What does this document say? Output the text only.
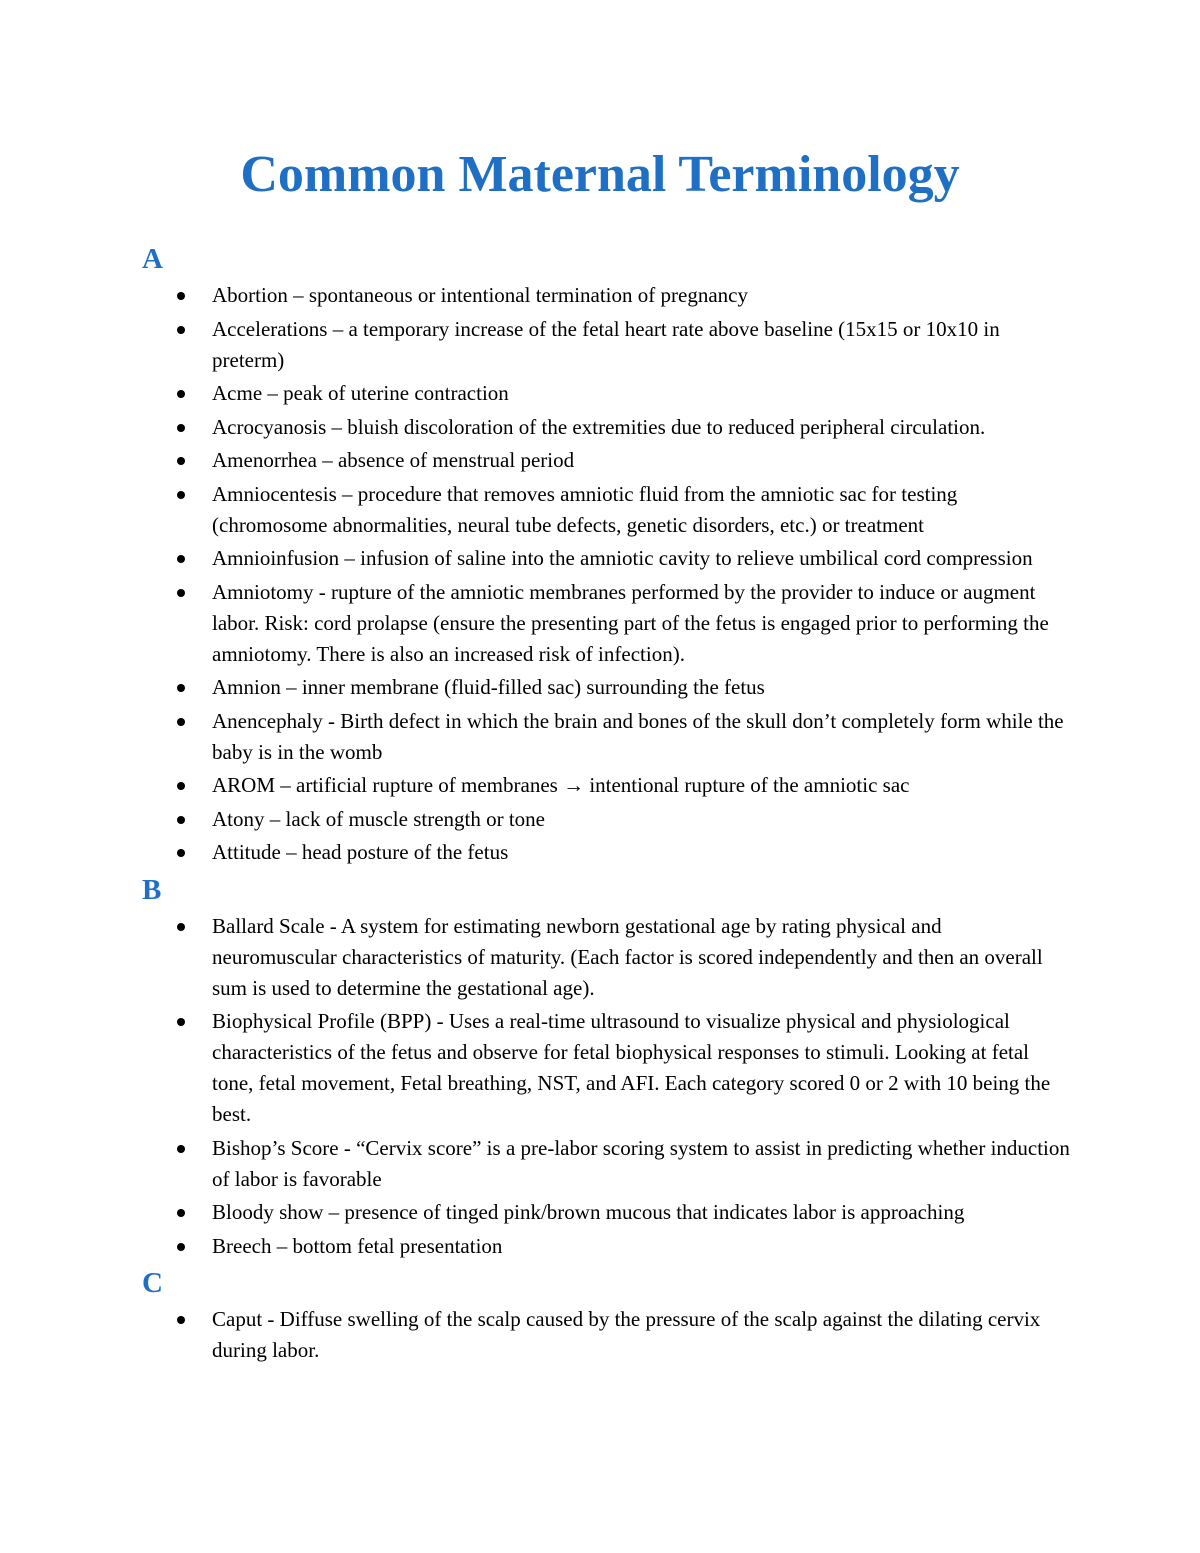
Common Maternal Terminology
A
Abortion – spontaneous or intentional termination of pregnancy
Accelerations – a temporary increase of the fetal heart rate above baseline (15x15 or 10x10 in preterm)
Acme – peak of uterine contraction
Acrocyanosis – bluish discoloration of the extremities due to reduced peripheral circulation.
Amenorrhea – absence of menstrual period
Amniocentesis – procedure that removes amniotic fluid from the amniotic sac for testing (chromosome abnormalities, neural tube defects, genetic disorders, etc.) or treatment
Amnioinfusion – infusion of saline into the amniotic cavity to relieve umbilical cord compression
Amniotomy - rupture of the amniotic membranes performed by the provider to induce or augment labor. Risk: cord prolapse (ensure the presenting part of the fetus is engaged prior to performing the amniotomy. There is also an increased risk of infection).
Amnion – inner membrane (fluid-filled sac) surrounding the fetus
Anencephaly - Birth defect in which the brain and bones of the skull don’t completely form while the baby is in the womb
AROM – artificial rupture of membranes → intentional rupture of the amniotic sac
Atony – lack of muscle strength or tone
Attitude – head posture of the fetus
B
Ballard Scale - A system for estimating newborn gestational age by rating physical and neuromuscular characteristics of maturity. (Each factor is scored independently and then an overall sum is used to determine the gestational age).
Biophysical Profile (BPP) - Uses a real-time ultrasound to visualize physical and physiological characteristics of the fetus and observe for fetal biophysical responses to stimuli. Looking at fetal tone, fetal movement, Fetal breathing, NST, and AFI. Each category scored 0 or 2 with 10 being the best.
Bishop’s Score - “Cervix score” is a pre-labor scoring system to assist in predicting whether induction of labor is favorable
Bloody show – presence of tinged pink/brown mucous that indicates labor is approaching
Breech – bottom fetal presentation
C
Caput - Diffuse swelling of the scalp caused by the pressure of the scalp against the dilating cervix during labor.
